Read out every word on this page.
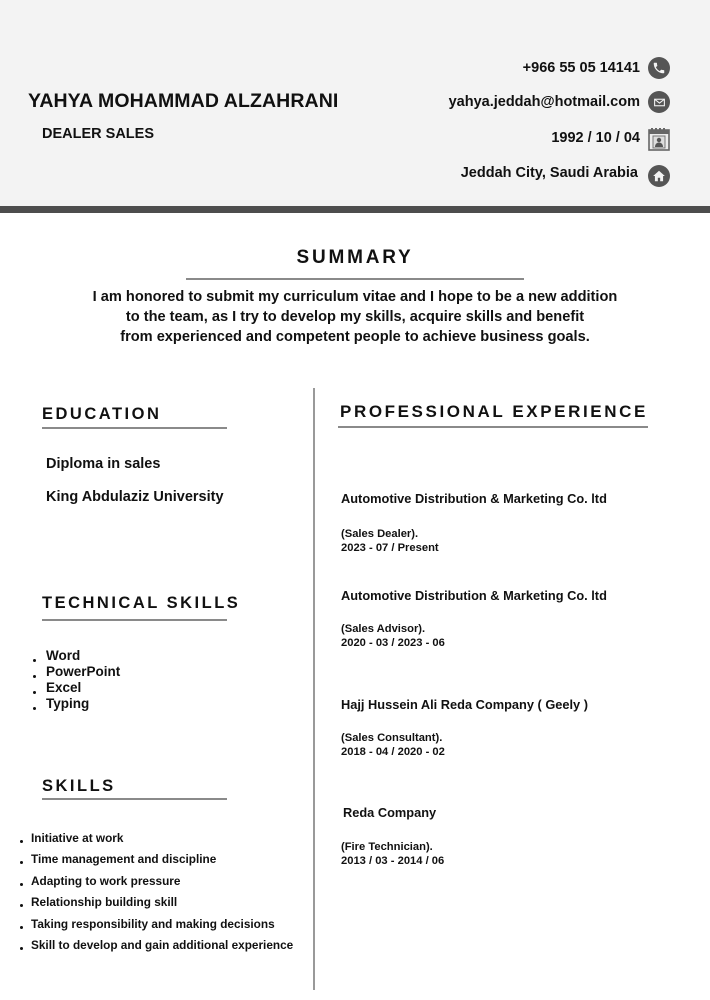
YAHYA MOHAMMAD ALZAHRANI
DEALER SALES
+966 55 05 14141
yahya.jeddah@hotmail.com
1992 / 10 / 04
Jeddah City, Saudi Arabia
SUMMARY
I am honored to submit my curriculum vitae and I hope to be a new addition
to the team, as I try to develop my skills, acquire skills and benefit
from experienced and competent people to achieve business goals.
EDUCATION
Diploma in sales
King Abdulaziz University
TECHNICAL SKILLS
Word
PowerPoint
Excel
Typing
SKILLS
Initiative at work
Time management and discipline
Adapting to work pressure
Relationship building skill
Taking responsibility and making decisions
Skill to develop and gain additional experience
PROFESSIONAL EXPERIENCE
Automotive Distribution & Marketing Co. ltd
(Sales Dealer).
2023 - 07 / Present
Automotive Distribution & Marketing Co. ltd
(Sales Advisor).
2020 - 03 / 2023 - 06
Hajj Hussein Ali Reda Company ( Geely )
(Sales Consultant).
2018 - 04 / 2020 - 02
Reda Company
(Fire Technician).
2013 / 03 - 2014 / 06
